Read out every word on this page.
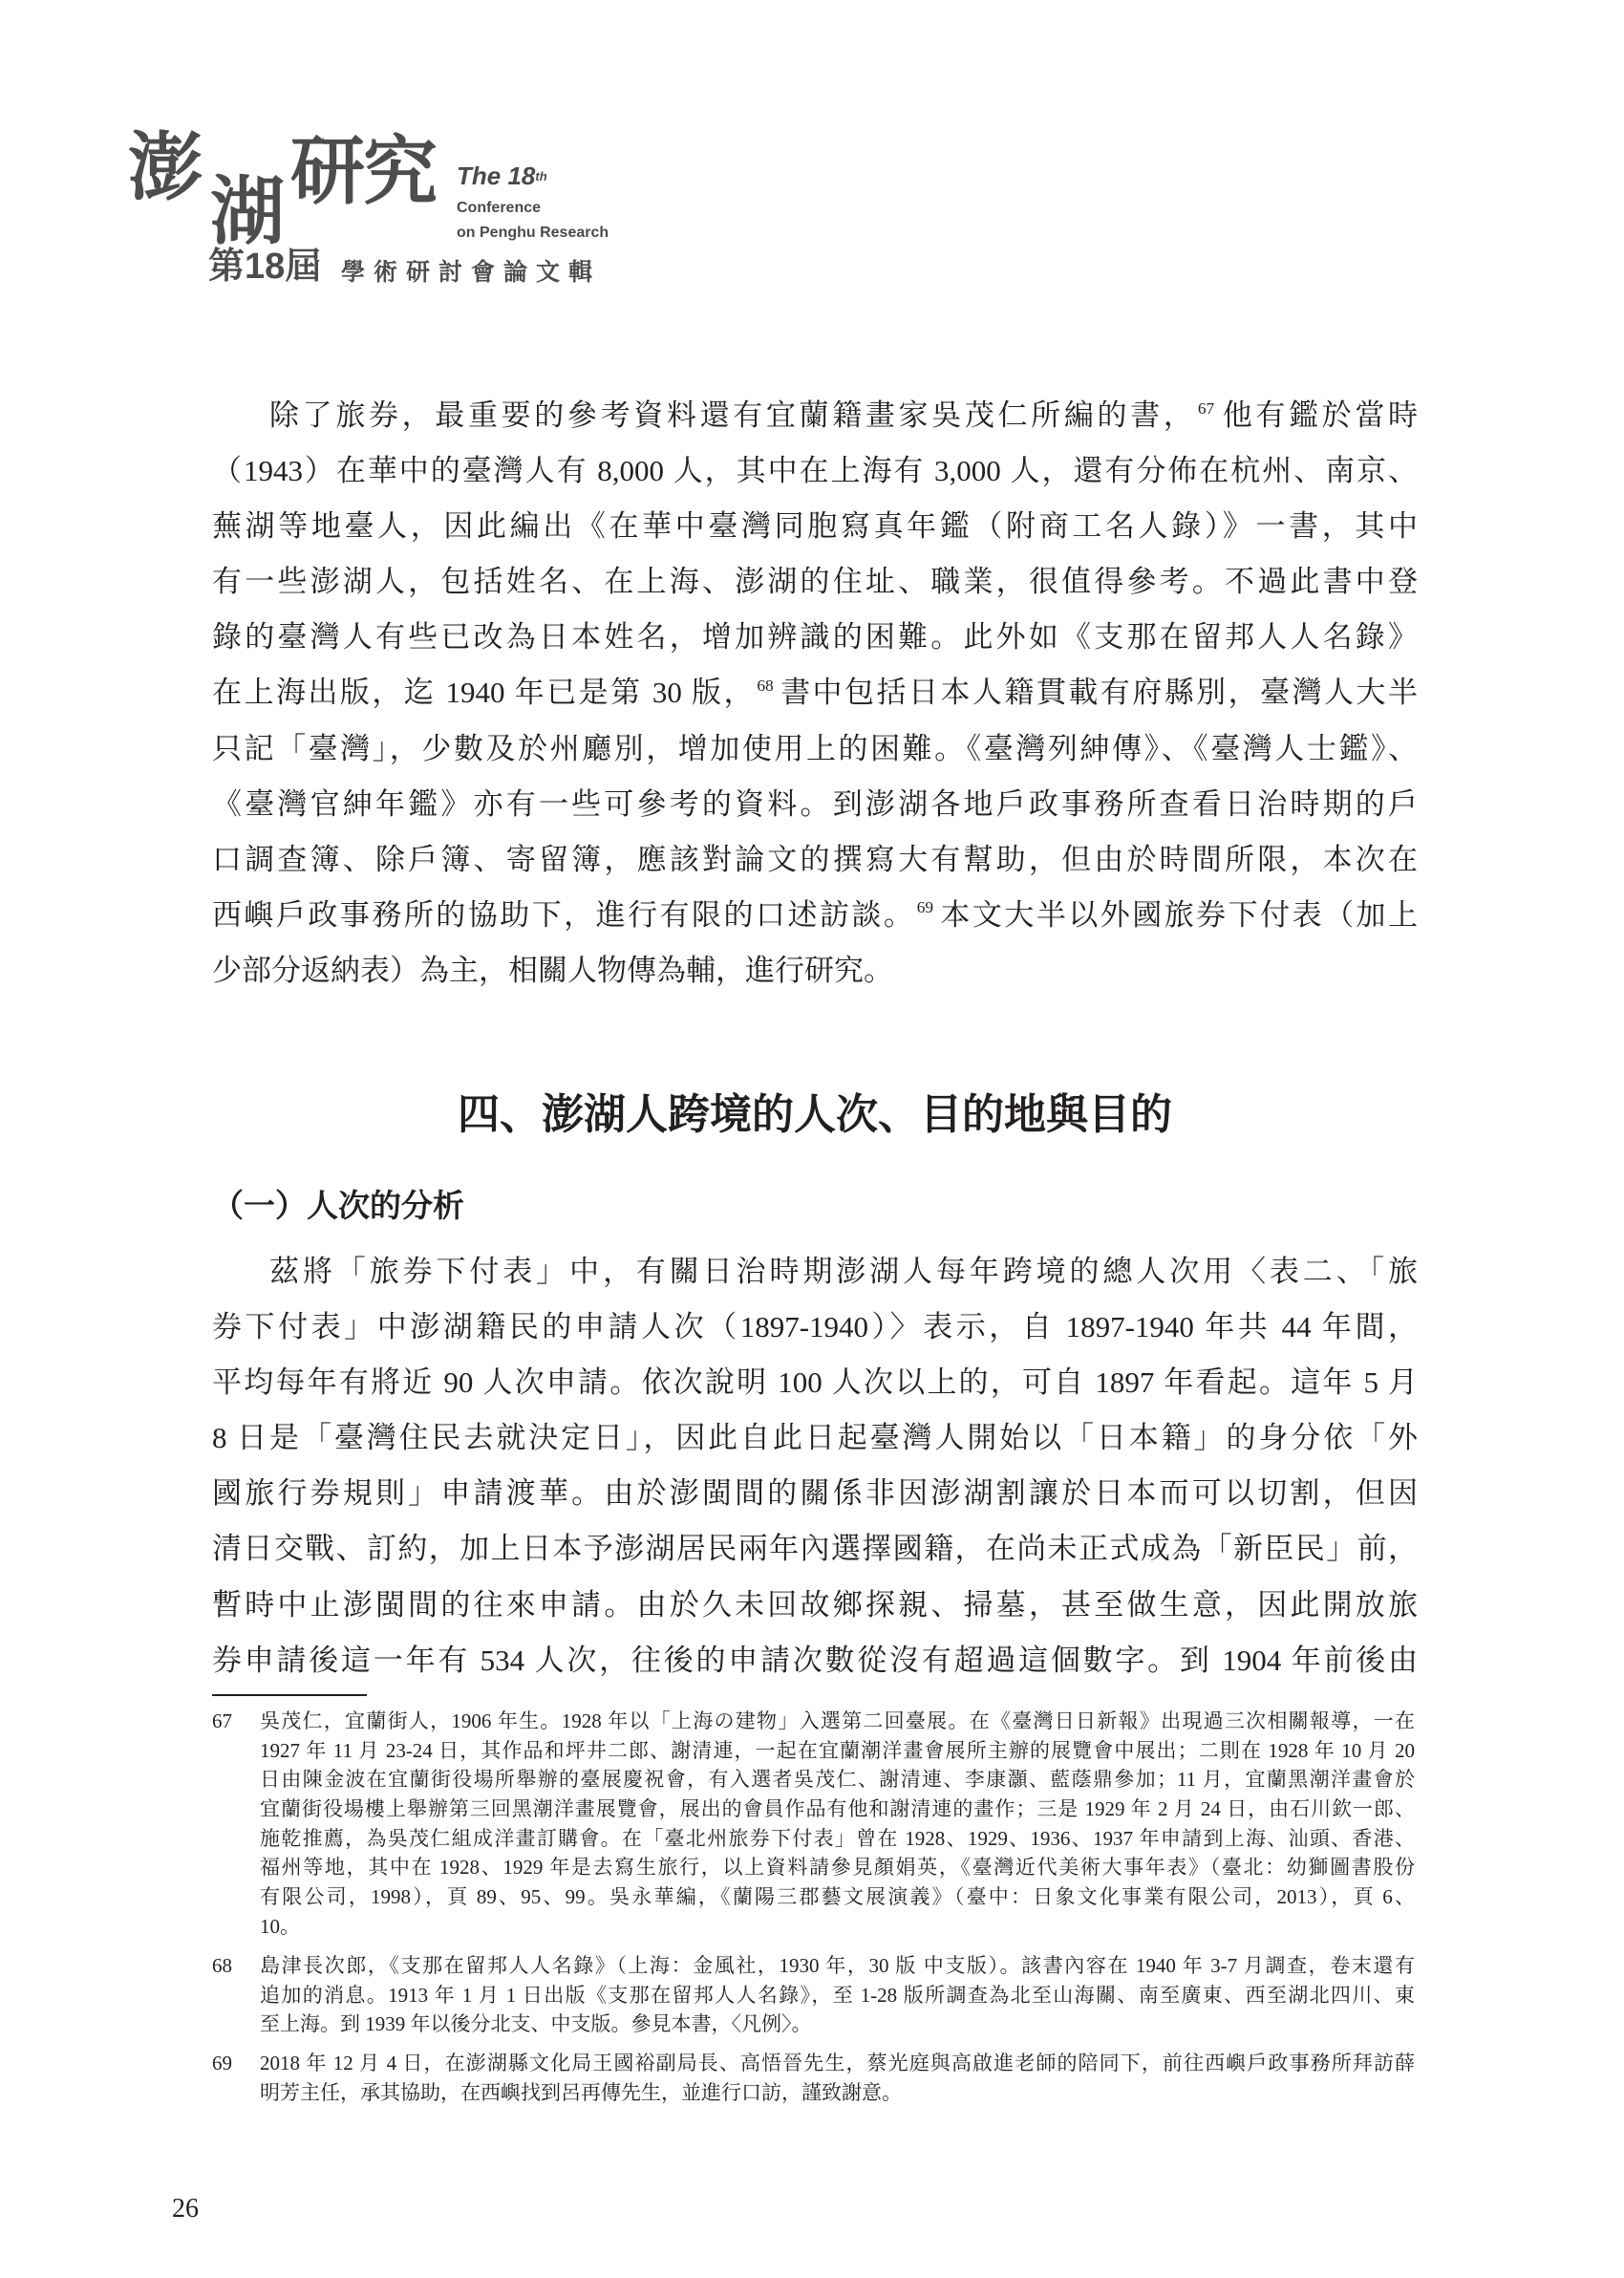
澎
湖 研究 The 18th
Conference
on Penghu Research
第18屆 學術研討會論文輯
除了旅券，最重要的參考資料還有宜蘭籍畫家吳茂仁所編的書，$^{67}$ 他有鑑於當時
（1943）在華中的臺灣人有 8,000 人，其中在上海有 3,000 人，還有分佈在杭州、南京、
蕪湖等地臺人，因此編出《在華中臺灣同胞寫真年鑑（附商工名人錄）》一書，其中
有一些澎湖人，包括姓名、在上海、澎湖的住址、職業，很值得參考。不過此書中登
錄的臺灣人有些已改為日本姓名，增加辨識的困難。此外如《支那在留邦人人名錄》
在上海出版，迄 1940 年已是第 30 版，$^{68}$ 書中包括日本人籍貫載有府縣別，臺灣人大半
只記「臺灣」，少數及於州廳別，增加使用上的困難。《臺灣列紳傳》、《臺灣人士鑑》、
《臺灣官紳年鑑》亦有一些可參考的資料。到澎湖各地戶政事務所查看日治時期的戶
口調查簿、除戶簿、寄留簿，應該對論文的撰寫大有幫助，但由於時間所限，本次在
西嶼戶政事務所的協助下，進行有限的口述訪談。$^{69}$ 本文大半以外國旅券下付表（加上
少部分返納表）為主，相關人物傳為輔，進行研究。
四、澎湖人跨境的人次、目的地與目的
（一）人次的分析
茲將「旅券下付表」中，有關日治時期澎湖人每年跨境的總人次用〈表二、「旅
券下付表」中澎湖籍民的申請人次（1897-1940）〉表示，自 1897-1940 年共 44 年間，
平均每年有將近 90 人次申請。依次說明 100 人次以上的，可自 1897 年看起。這年 5 月
8 日是「臺灣住民去就決定日」，因此自此日起臺灣人開始以「日本籍」的身分依「外
國旅行券規則」申請渡華。由於澎閩間的關係非因澎湖割讓於日本而可以切割，但因
清日交戰、訂約，加上日本予澎湖居民兩年內選擇國籍，在尚未正式成為「新臣民」前，
暫時中止澎閩間的往來申請。由於久未回故鄉探親、掃墓，甚至做生意，因此開放旅
券申請後這一年有 534 人次，往後的申請次數從沒有超過這個數字。到 1904 年前後由
67 吳茂仁，宜蘭街人，1906 年生。1928 年以「上海の建物」入選第二回臺展。在《臺灣日日新報》出現過三次相關報導，一在
1927 年 11 月 23-24 日，其作品和坪井二郎、謝清連，一起在宜蘭潮洋畫會展所主辦的展覽會中展出；二則在 1928 年 10 月 20
日由陳金波在宜蘭街役場所舉辦的臺展慶祝會，有入選者吳茂仁、謝清連、李康灝、藍蔭鼎參加；11 月，宜蘭黑潮洋畫會於
宜蘭街役場樓上舉辦第三回黑潮洋畫展覽會，展出的會員作品有他和謝清連的畫作；三是 1929 年 2 月 24 日，由石川欽一郎、
施乾推薦，為吳茂仁組成洋畫訂購會。在「臺北州旅券下付表」曾在 1928、1929、1936、1937 年申請到上海、汕頭、香港、
福州等地，其中在 1928、1929 年是去寫生旅行，以上資料請參見顏娟英，《臺灣近代美術大事年表》（臺北：幼獅圖書股份
有限公司，1998），頁 89、95、99。吳永華編，《蘭陽三郡藝文展演義》（臺中：日象文化事業有限公司，2013），頁 6、
10。
68 島津長次郎，《支那在留邦人人名錄》（上海：金風社，1930 年，30 版 中支版）。該書內容在 1940 年 3-7 月調查，卷末還有
追加的消息。1913 年 1 月 1 日出版《支那在留邦人人名錄》，至 1-28 版所調查為北至山海關、南至廣東、西至湖北四川、東
至上海。到 1939 年以後分北支、中支版。參見本書，〈凡例〉。
69 2018 年 12 月 4 日，在澎湖縣文化局王國裕副局長、高悟晉先生，蔡光庭與高啟進老師的陪同下，前往西嶼戶政事務所拜訪薛
明芳主任，承其協助，在西嶼找到呂再傳先生，並進行口訪，謹致謝意。
26
